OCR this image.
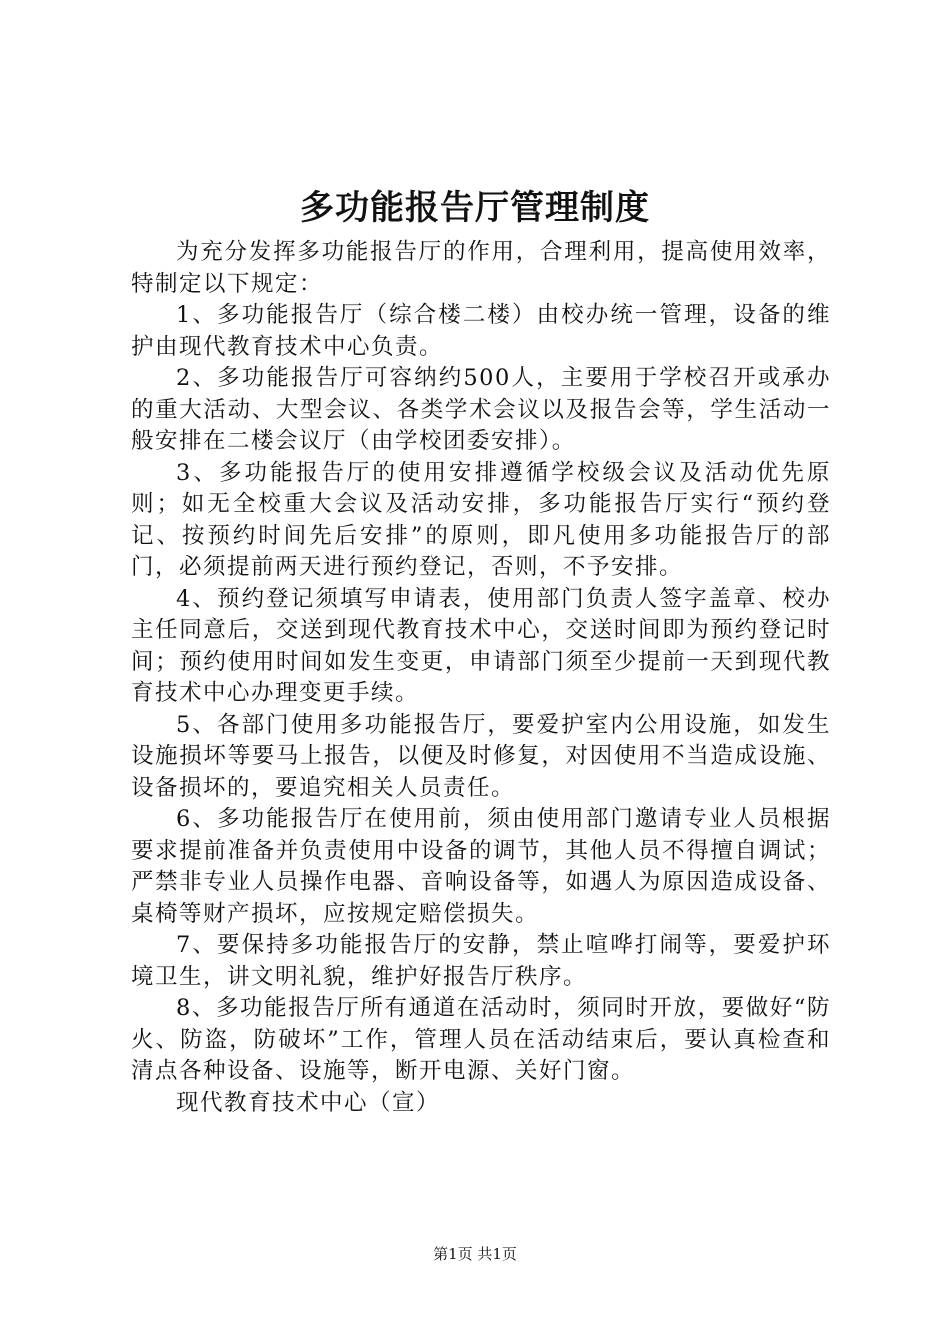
多功能报告厅管理制度

为充分发挥多功能报告厅的作用，合理利用，提高使用效率，特制定以下规定：

1、多功能报告厅（综合楼二楼）由校办统一管理，设备的维护由现代教育技术中心负责。

2、多功能报告厅可容纳约500人，主要用于学校召开或承办的重大活动、大型会议、各类学术会议以及报告会等，学生活动一般安排在二楼会议厅（由学校团委安排）。

3、多功能报告厅的使用安排遵循学校级会议及活动优先原则；如无全校重大会议及活动安排，多功能报告厅实行“预约登记、按预约时间先后安排”的原则，即凡使用多功能报告厅的部门，必须提前两天进行预约登记，否则，不予安排。

4、预约登记须填写申请表，使用部门负责人签字盖章、校办主任同意后，交送到现代教育技术中心，交送时间即为预约登记时间；预约使用时间如发生变更，申请部门须至少提前一天到现代教育技术中心办理变更手续。

5、各部门使用多功能报告厅，要爱护室内公用设施，如发生设施损坏等要马上报告，以便及时修复，对因使用不当造成设施、设备损坏的，要追究相关人员责任。

6、多功能报告厅在使用前，须由使用部门邀请专业人员根据要求提前准备并负责使用中设备的调节，其他人员不得擅自调试；严禁非专业人员操作电器、音响设备等，如遇人为原因造成设备、桌椅等财产损坏，应按规定赔偿损失。

7、要保持多功能报告厅的安静，禁止喧哗打闹等，要爱护环境卫生，讲文明礼貌，维护好报告厅秩序。

8、多功能报告厅所有通道在活动时，须同时开放，要做好“防火、防盗，防破坏”工作，管理人员在活动结束后，要认真检查和清点各种设备、设施等，断开电源、关好门窗。

现代教育技术中心（宣）

第1页 共1页
